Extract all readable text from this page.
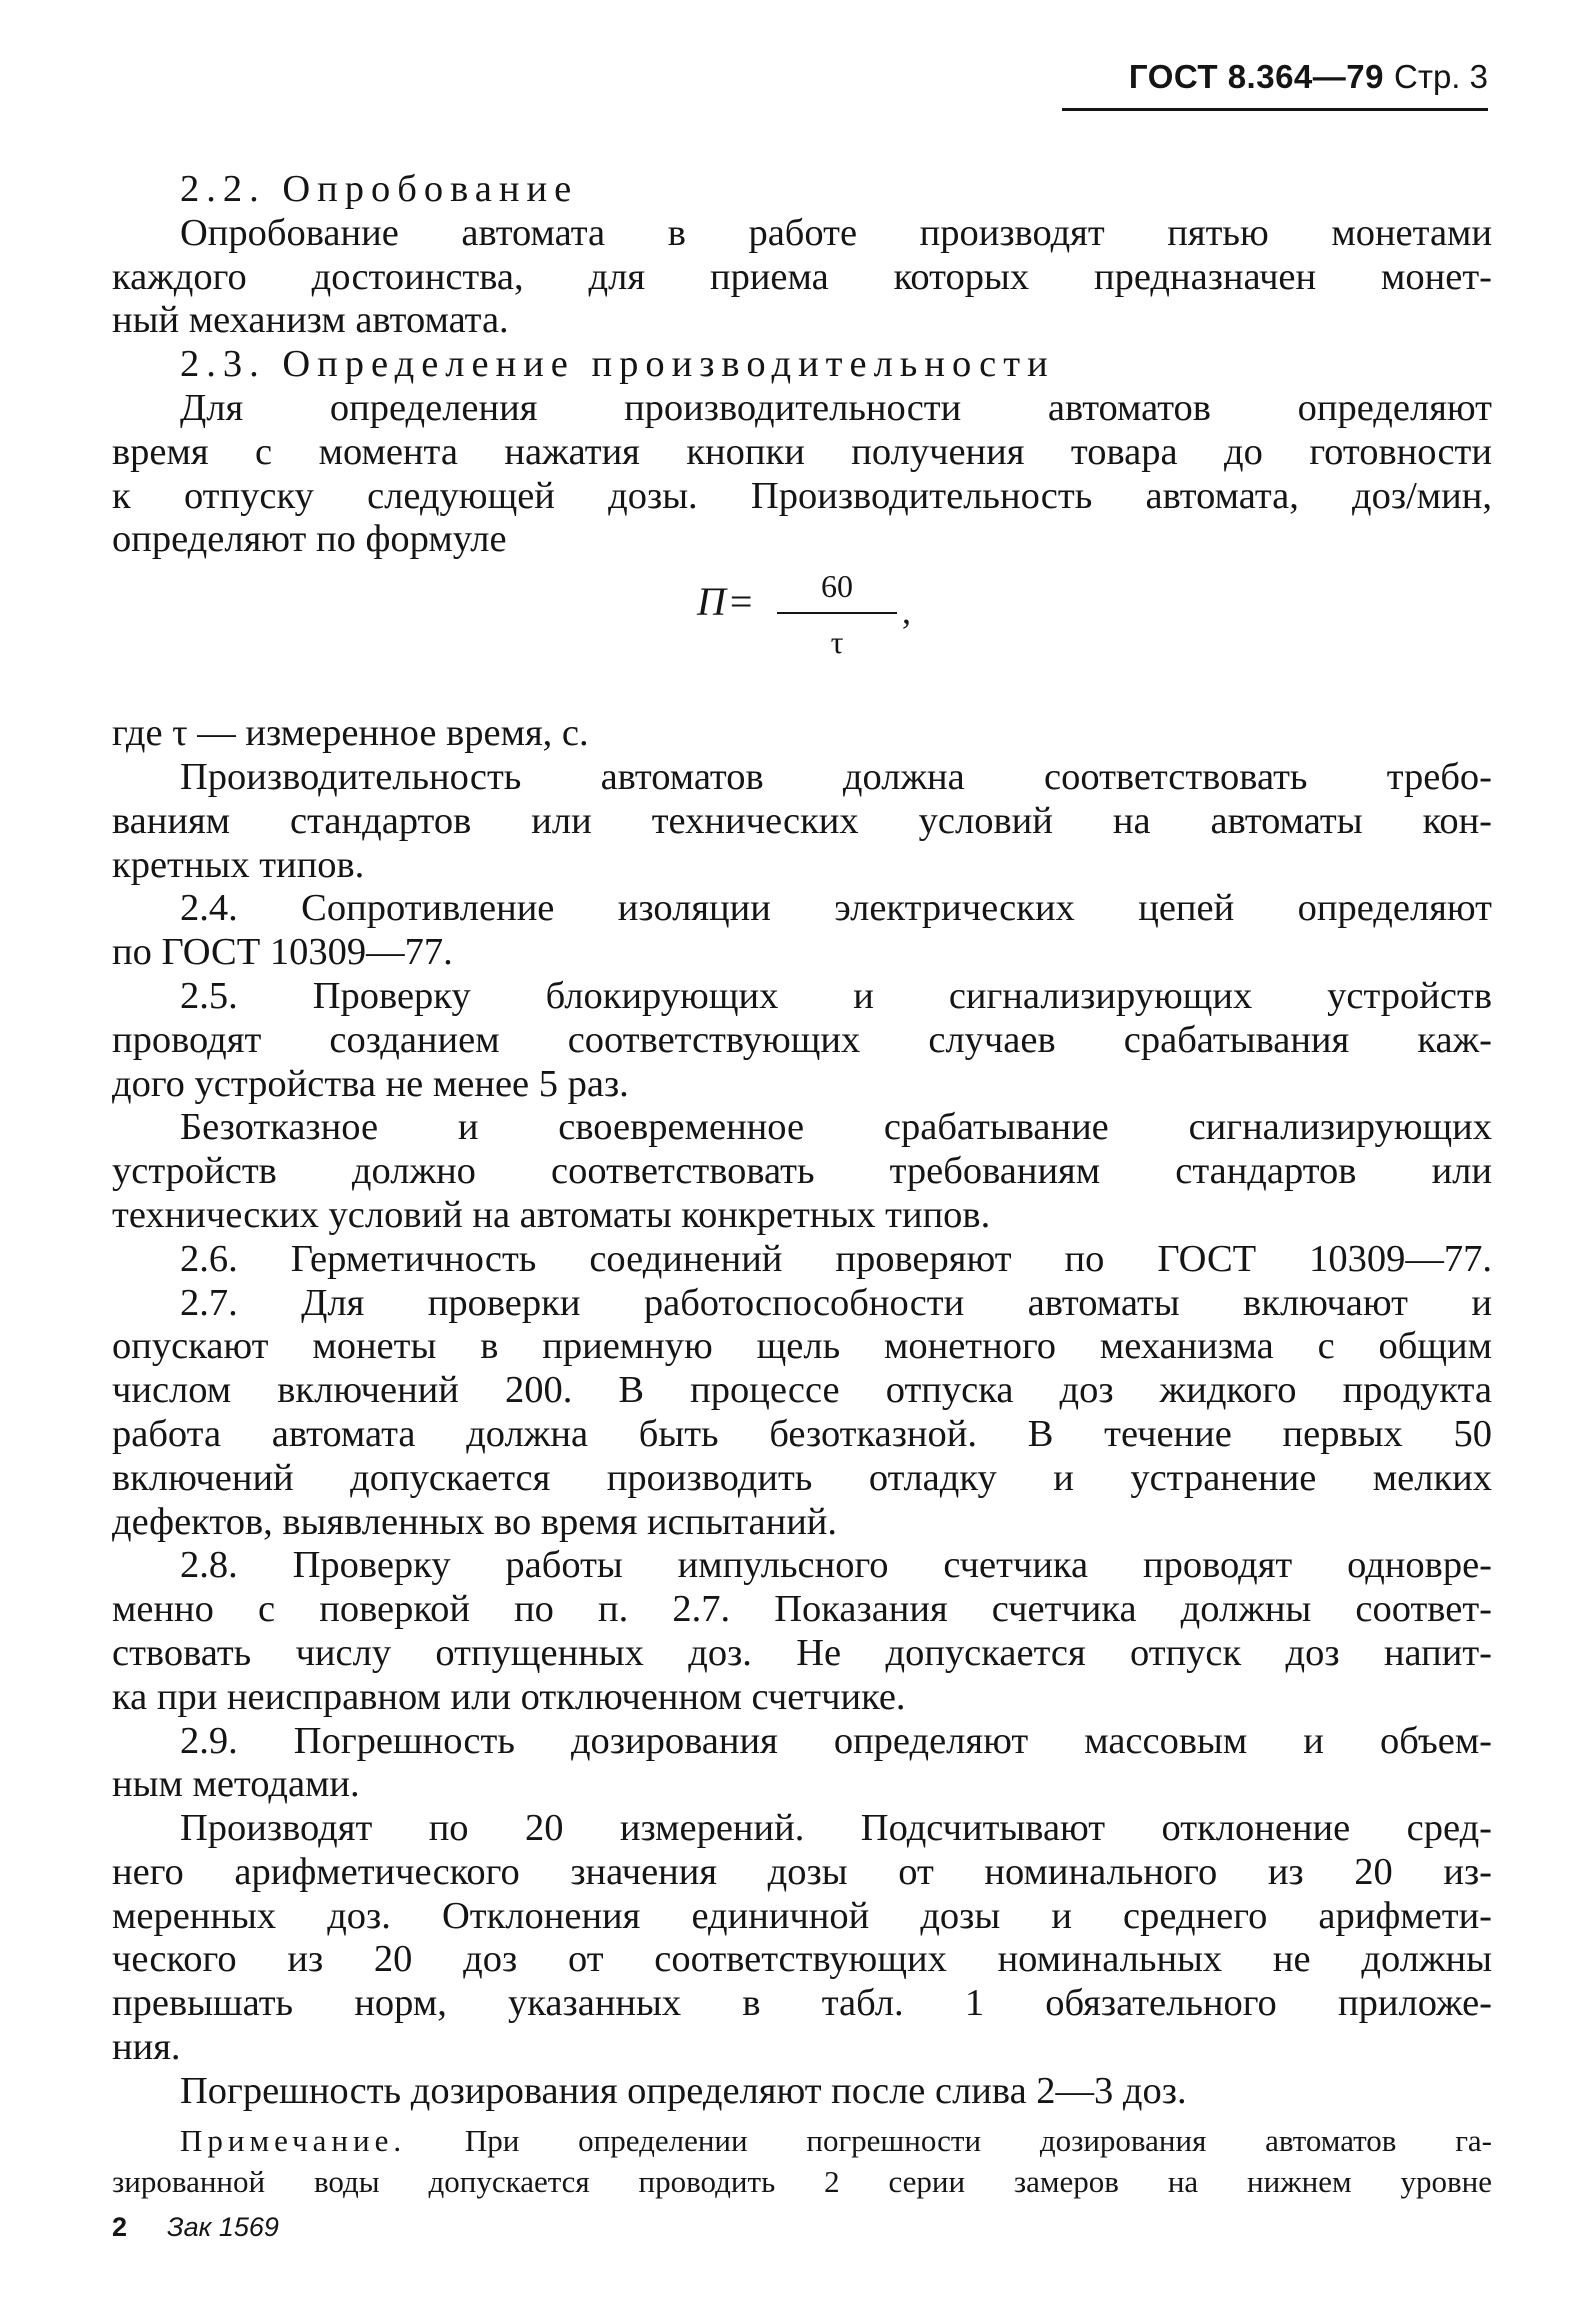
ГОСТ 8.364—79 Стр. 3
2.2. Опробование
Опробование автомата в работе производят пятью монетами
каждого достоинства, для приема которых предназначен монет-
ный механизм автомата.
2.3. Определение производительности
Для определения производительности автоматов определяют
время с момента нажатия кнопки получения товара до готовности
к отпуску следующей дозы. Производительность автомата, доз/мин,
определяют по формуле
П =	60
τ
,
где τ — измеренное время, с.
Производительность автоматов должна соответствовать требо-
ваниям стандартов или технических условий на автоматы кон-
кретных типов.
2.4. Сопротивление изоляции электрических цепей определяют
по ГОСТ 10309—77.
2.5. Проверку блокирующих и сигнализирующих устройств
проводят созданием соответствующих случаев срабатывания каж-
дого устройства не менее 5 раз.
Безотказное и своевременное срабатывание сигнализирующих
устройств должно соответствовать требованиям стандартов или
технических условий на автоматы конкретных типов.
2.6. Герметичность соединений проверяют по ГОСТ 10309—77.
2.7. Для проверки работоспособности автоматы включают и
опускают монеты в приемную щель монетного механизма с общим
числом включений 200. В процессе отпуска доз жидкого продукта
работа автомата должна быть безотказной. В течение первых 50
включений допускается производить отладку и устранение мелких
дефектов, выявленных во время испытаний.
2.8. Проверку работы импульсного счетчика проводят одновре-
менно с поверкой по п. 2.7. Показания счетчика должны соответ-
ствовать числу отпущенных доз. Не допускается отпуск доз напит-
ка при неисправном или отключенном счетчике.
2.9. Погрешность дозирования определяют массовым и объем-
ным методами.
Производят по 20 измерений. Подсчитывают отклонение сред-
него арифметического значения дозы от номинального из 20 из-
меренных доз. Отклонения единичной дозы и среднего арифмети-
ческого из 20 доз от соответствующих номинальных не должны
превышать норм, указанных в табл. 1 обязательного приложе-
ния.
Погрешность дозирования определяют после слива 2—3 доз.
Примечание. При определении погрешности дозирования автоматов га-
зированной воды допускается проводить 2 серии замеров на нижнем уровне
2 Зак 1569
